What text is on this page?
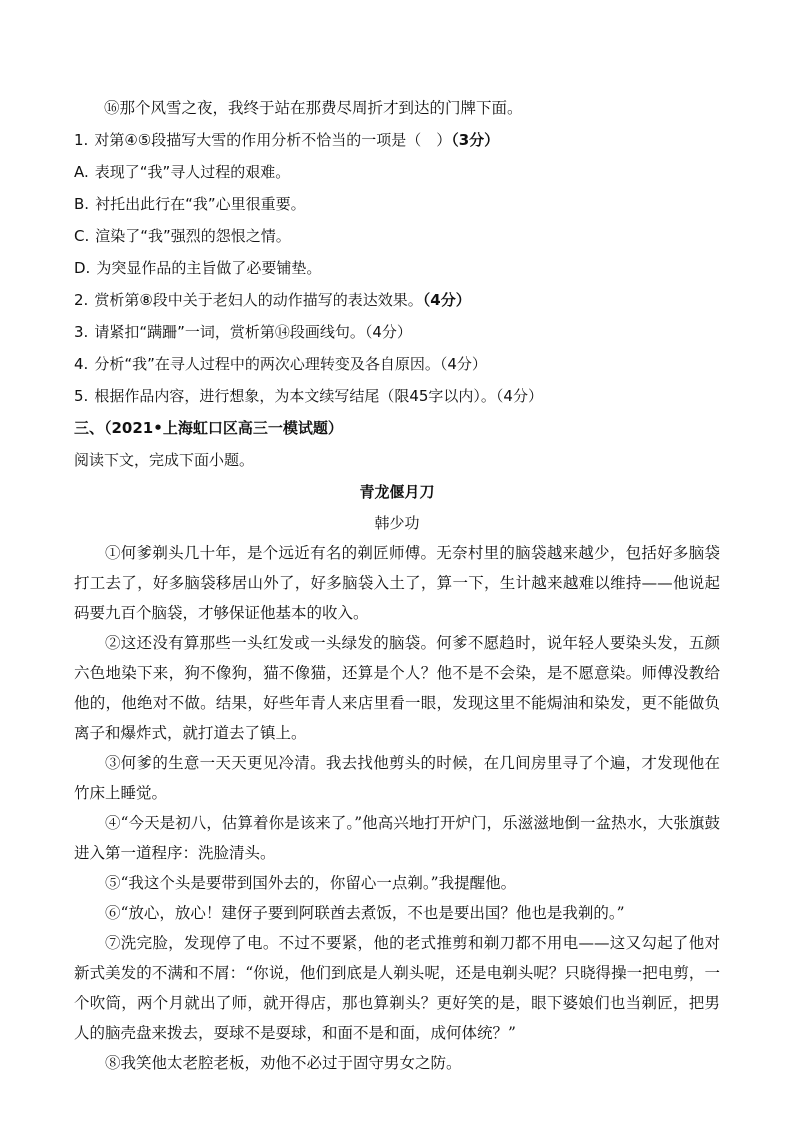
⑯那个风雪之夜，我终于站在那费尽周折才到达的门牌下面。

1. 对第④⑤段描写大雪的作用分析不恰当的一项是（　）（3分）

A. 表现了“我”寻人过程的艰难。

B. 衬托出此行在“我”心里很重要。

C. 渲染了“我”强烈的怨恨之情。

D. 为突显作品的主旨做了必要铺垫。

2. 赏析第⑧段中关于老妇人的动作描写的表达效果。（4分）

3. 请紧扣“蹒跚”一词，赏析第⑭段画线句。（4分）

4. 分析“我”在寻人过程中的两次心理转变及各自原因。（4分）

5. 根据作品内容，进行想象，为本文续写结尾（限45字以内）。（4分）

三、（2021•上海虹口区高三一模试题）

阅读下文，完成下面小题。

青龙偃月刀
韩少功

①何爹剃头几十年，是个远近有名的剃匠师傅。无奈村里的脑袋越来越少，包括好多脑袋打工去了，好多脑袋移居山外了，好多脑袋入土了，算一下，生计越来越难以维持——他说起码要九百个脑袋，才够保证他基本的收入。

②这还没有算那些一头红发或一头绿发的脑袋。何爹不愿趋时，说年轻人要染头发，五颜六色地染下来，狗不像狗，猫不像猫，还算是个人？他不是不会染，是不愿意染。师傅没教给他的，他绝对不做。结果，好些年青人来店里看一眼，发现这里不能焗油和染发，更不能做负离子和爆炸式，就打道去了镇上。

③何爹的生意一天天更见冷清。我去找他剪头的时候，在几间房里寻了个遍，才发现他在竹床上睡觉。

④“今天是初八，估算着你是该来了。”他高兴地打开炉门，乐滋滋地倒一盆热水，大张旗鼓进入第一道程序：洗脸清头。

⑤“我这个头是要带到国外去的，你留心一点剃。”我提醒他。

⑥“放心，放心！建伢子要到阿联酋去煮饭，不也是要出国？他也是我剃的。”

⑦洗完脸，发现停了电。不过不要紧，他的老式推剪和剃刀都不用电——这又勾起了他对新式美发的不满和不屑：“你说，他们到底是人剃头呢，还是电剃头呢？只晓得操一把电剪，一个吹筒，两个月就出了师，就开得店，那也算剃头？更好笑的是，眼下婆娘们也当剃匠，把男人的脑壳盘来拨去，耍球不是耍球，和面不是和面，成何体统？”

⑧我笑他太老腔老板，劝他不必过于固守男女之防。
